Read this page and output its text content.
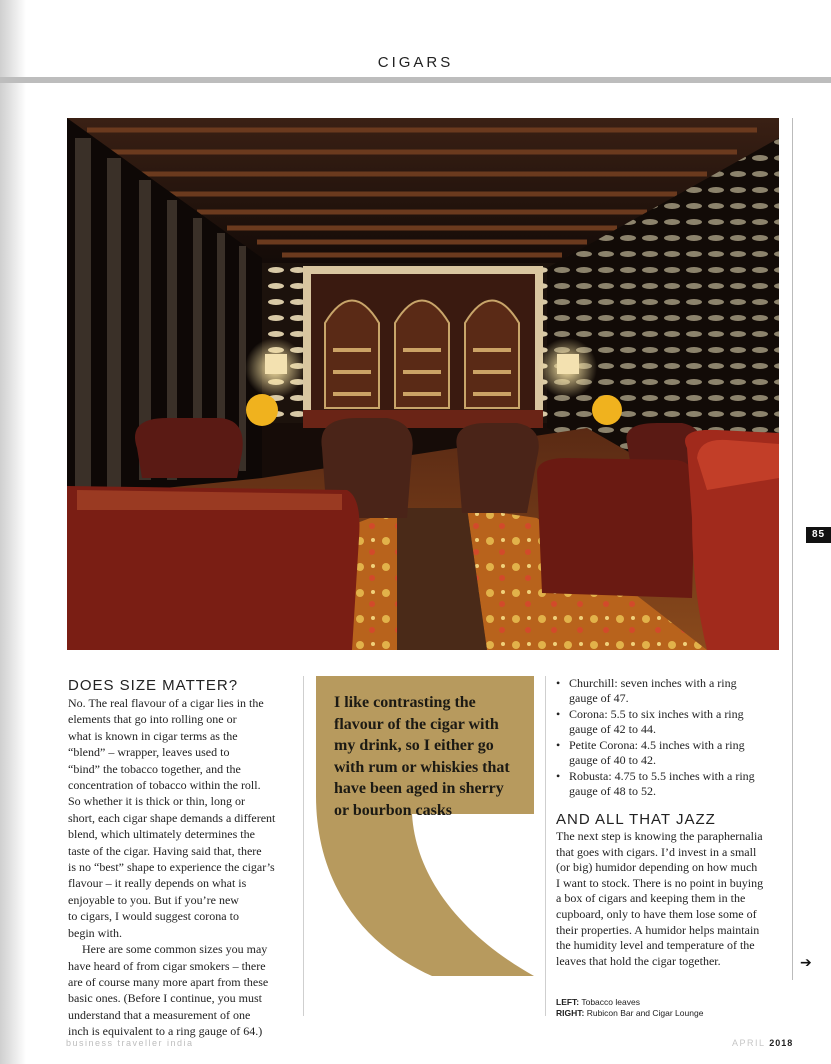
CIGARS
85
DOES SIZE MATTER?

No. The real flavour of a cigar lies in the
elements that go into rolling one or
what is known in cigar terms as the
“blend” – wrapper, leaves used to
“bind” the tobacco together, and the
concentration of tobacco within the roll.
So whether it is thick or thin, long or
short, each cigar shape demands a different
blend, which ultimately determines the
taste of the cigar. Having said that, there
is no “best” shape to experience the cigar’s
flavour – it really depends on what is
enjoyable to you. But if you’re new
to cigars, I would suggest corona to
begin with.

Here are some common sizes you may
have heard of from cigar smokers – there
are of course many more apart from these
basic ones. (Before I continue, you must
understand that a measurement of one
inch is equivalent to a ring gauge of 64.)

I like contrasting the
flavour of the cigar with
my drink, so I either go
with rum or whiskies that
have been aged in sherry
or bourbon casks

• Churchill: seven inches with a ring
gauge of 47.
• Corona: 5.5 to six inches with a ring
gauge of 42 to 44.
• Petite Corona: 4.5 inches with a ring
gauge of 40 to 42.
• Robusta: 4.75 to 5.5 inches with a ring
gauge of 48 to 52.
AND ALL THAT JAZZ

The next step is knowing the paraphernalia
that goes with cigars. I’d invest in a small
(or big) humidor depending on how much
I want to stock. There is no point in buying
a box of cigars and keeping them in the
cupboard, only to have them lose some of
their properties. A humidor helps maintain
the humidity level and temperature of the
leaves that hold the cigar together.	➔
LEFT: Tobacco leaves
RIGHT: Rubicon Bar and Cigar Lounge
business traveller india	APRIL 2018
